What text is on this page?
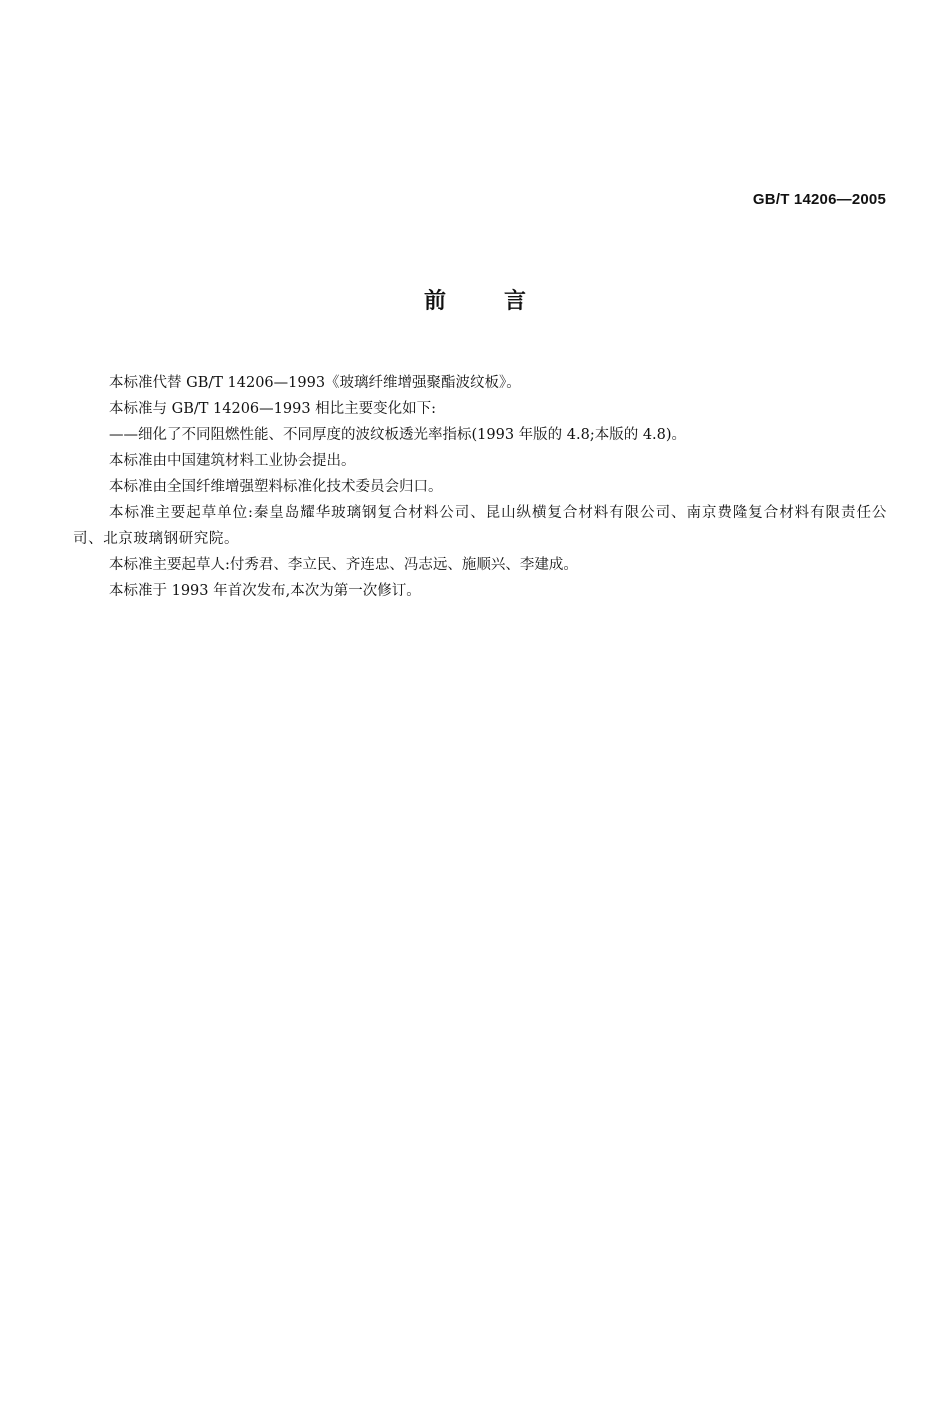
GB/T 14206—2005
前言

本标准代替 GB/T 14206—1993《玻璃纤维增强聚酯波纹板》。

本标准与 GB/T 14206—1993 相比主要变化如下:

——细化了不同阻燃性能、不同厚度的波纹板透光率指标(1993 年版的 4.8;本版的 4.8)。

本标准由中国建筑材料工业协会提出。

本标准由全国纤维增强塑料标准化技术委员会归口。

本标准主要起草单位:秦皇岛耀华玻璃钢复合材料公司、昆山纵横复合材料有限公司、南京费隆复合材料有限责任公司、北京玻璃钢研究院。

本标准主要起草人:付秀君、李立民、齐连忠、冯志远、施顺兴、李建成。

本标准于 1993 年首次发布,本次为第一次修订。
